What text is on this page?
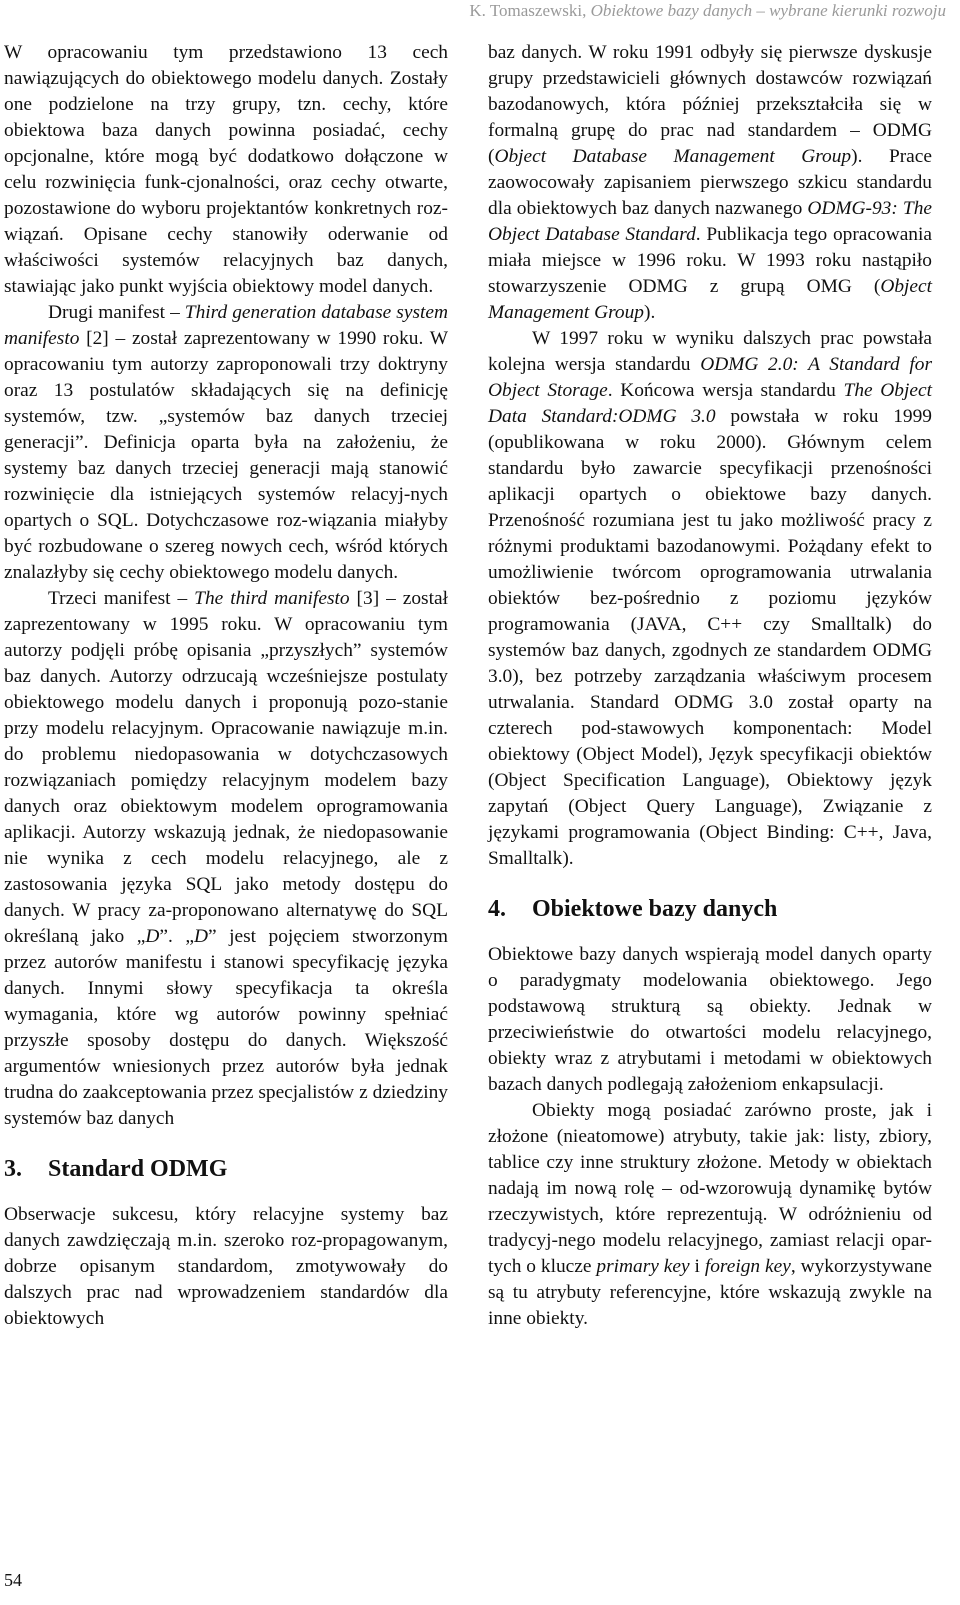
K. Tomaszewski, Obiektowe bazy danych – wybrane kierunki rozwoju

W opracowaniu tym przedstawiono 13 cech nawiązujących do obiektowego modelu danych. Zostały one podzielone na trzy grupy, tzn. cechy, które obiektowa baza danych powinna posiadać, cechy opcjonalne, które mogą być dodatkowo dołączone w celu rozwinięcia funk-cjonalności, oraz cechy otwarte, pozostawione do wyboru projektantów konkretnych roz-wiązań. Opisane cechy stanowiły oderwanie od właściwości systemów relacyjnych baz danych, stawiając jako punkt wyjścia obiektowy model danych.

Drugi manifest – Third generation database system manifesto [2] – został zaprezentowany w 1990 roku. W opracowaniu tym autorzy zaproponowali trzy doktryny oraz 13 postulatów składających się na definicję systemów, tzw. „systemów baz danych trzeciej generacji”. Definicja oparta była na założeniu, że systemy baz danych trzeciej generacji mają stanowić rozwinięcie dla istniejących systemów relacyj-nych opartych o SQL. Dotychczasowe roz-wiązania miałyby być rozbudowane o szereg nowych cech, wśród których znalazłyby się cechy obiektowego modelu danych.

Trzeci manifest – The third manifesto [3] – został zaprezentowany w 1995 roku. W opracowaniu tym autorzy podjęli próbę opisania „przyszłych” systemów baz danych. Autorzy odrzucają wcześniejsze postulaty obiektowego modelu danych i proponują pozo-stanie przy modelu relacyjnym. Opracowanie nawiązuje m.in. do problemu niedopasowania w dotychczasowych rozwiązaniach pomiędzy relacyjnym modelem bazy danych oraz obiektowym modelem oprogramowania aplikacji. Autorzy wskazują jednak, że niedopasowanie nie wynika z cech modelu relacyjnego, ale z zastosowania języka SQL jako metody dostępu do danych. W pracy za-proponowano alternatywę do SQL określaną jako „D”. „D” jest pojęciem stworzonym przez autorów manifestu i stanowi specyfikację języka danych. Innymi słowy specyfikacja ta określa wymagania, które wg autorów powinny spełniać przyszłe sposoby dostępu do danych. Większość argumentów wniesionych przez autorów była jednak trudna do zaakceptowania przez specjalistów z dziedziny systemów baz danych

3. Standard ODMG

Obserwacje sukcesu, który relacyjne systemy baz danych zawdzięczają m.in. szeroko roz-propagowanym, dobrze opisanym standardom, zmotywowały do dalszych prac nad wprowadzeniem standardów dla obiektowych

baz danych. W roku 1991 odbyły się pierwsze dyskusje grupy przedstawicieli głównych dostawców rozwiązań bazodanowych, która później przekształciła się w formalną grupę do prac nad standardem – ODMG (Object Database Management Group). Prace zaowocowały zapisaniem pierwszego szkicu standardu dla obiektowych baz danych nazwanego ODMG-93: The Object Database Standard. Publikacja tego opracowania miała miejsce w 1996 roku. W 1993 roku nastąpiło stowarzyszenie ODMG z grupą OMG (Object Management Group).

W 1997 roku w wyniku dalszych prac powstała kolejna wersja standardu ODMG 2.0: A Standard for Object Storage. Końcowa wersja standardu The Object Data Standard:ODMG 3.0 powstała w roku 1999 (opublikowana w roku 2000). Głównym celem standardu było zawarcie specyfikacji przenośności aplikacji opartych o obiektowe bazy danych. Przenośność rozumiana jest tu jako możliwość pracy z różnymi produktami bazodanowymi. Pożądany efekt to umożliwienie twórcom oprogramowania utrwalania obiektów bez-pośrednio z poziomu języków programowania (JAVA, C++ czy Smalltalk) do systemów baz danych, zgodnych ze standardem ODMG 3.0), bez potrzeby zarządzania właściwym procesem utrwalania. Standard ODMG 3.0 został oparty na czterech pod-stawowych komponentach: Model obiektowy (Object Model), Język specyfikacji obiektów (Object Specification Language), Obiektowy język zapytań (Object Query Language), Związanie z językami programowania (Object Binding: C++, Java, Smalltalk).

4. Obiektowe bazy danych

Obiektowe bazy danych wspierają model danych oparty o paradygmaty modelowania obiektowego. Jego podstawową strukturą są obiekty. Jednak w przeciwieństwie do otwartości modelu relacyjnego, obiekty wraz z atrybutami i metodami w obiektowych bazach danych podlegają założeniom enkapsulacji.

Obiekty mogą posiadać zarówno proste, jak i złożone (nieatomowe) atrybuty, takie jak: listy, zbiory, tablice czy inne struktury złożone. Metody w obiektach nadają im nową rolę – od-wzorowują dynamikę bytów rzeczywistych, które reprezentują. W odróżnieniu od tradycyj-nego modelu relacyjnego, zamiast relacji opar-tych o klucze primary key i foreign key, wykorzystywane są tu atrybuty referencyjne, które wskazują zwykle na inne obiekty.

54
